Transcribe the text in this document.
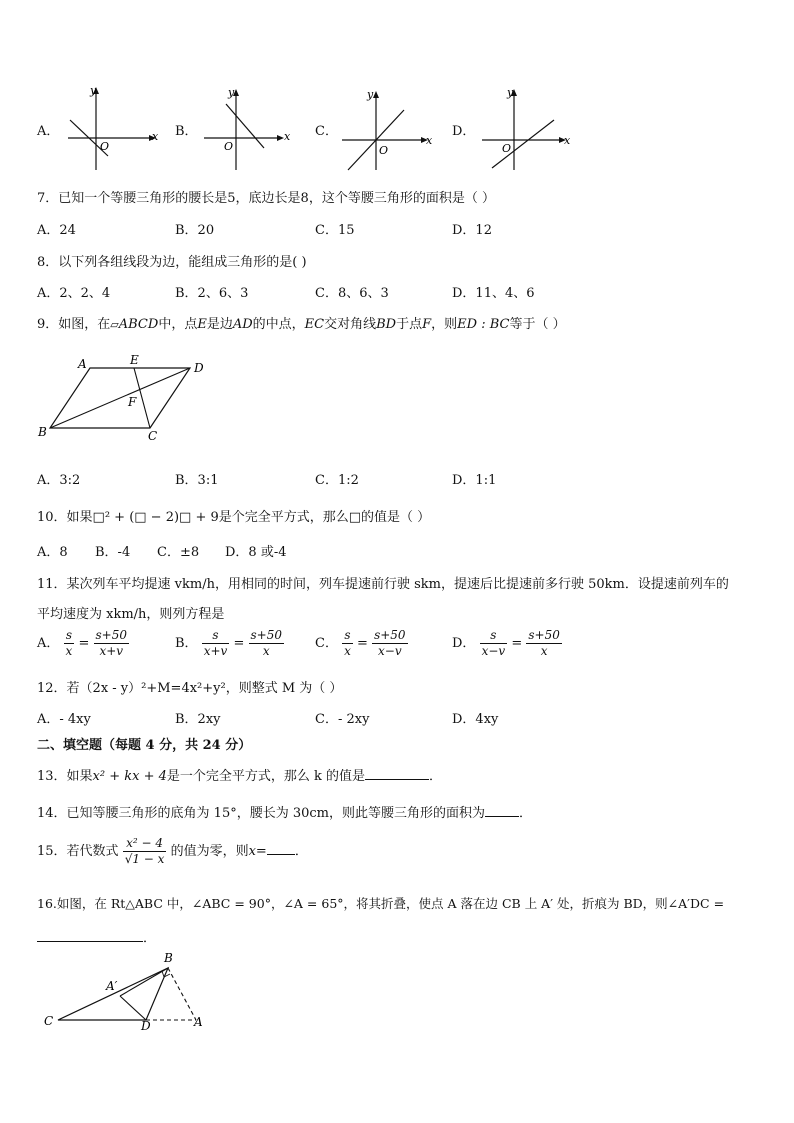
A．
y
x
O
B．
y
x
O
C．
y
x
O
D．
y
x
O
7．已知一个等腰三角形的腰长是5，底边长是8，这个等腰三角形的面积是（ ）
A．24	B．20	C．15	D．12
8．以下列各组线段为边，能组成三角形的是( )
A．2、2、4	B．2、6、3	C．8、6、3	D．11、4、6
9．如图，在▱ABCD中，点E是边AD的中点，EC交对角线BD于点F，则ED : BC等于（ ）
A	E
D
F
B	C
A．3:2	B．3:1	C．1:2	D．1:1
10．如果□² + (□ − 2)□ + 9是个完全平方式，那么□的值是（ ）
A．8 B．-4 C．±8 D．8 或-4
11．某次列车平均提速 vkm/h，用相同的时间，列车提速前行驶 skm，提速后比提速前多行驶 50km．设提速前列车的
平均速度为 xkm/h，则列方程是
A． $\frac{s}{x} = \frac{s+50}{x+v}$	B． $\frac{s}{x+v} = \frac{s+50}{x}$ C． $\frac{s}{x} = \frac{s+50}{x-v}$	D． $\frac{s}{x-v} = \frac{s+50}{x}$
12．若（2x - y）²+M=4x²+y²，则整式 M 为（ ）
A．- 4xy	B．2xy	C．- 2xy	D．4xy
二、填空题（每题 4 分，共 24 分）
13．如果x² + kx + 4是一个完全平方式，那么 k 的值是	．
14．已知等腰三角形的底角为 15°，腰长为 30cm，则此等腰三角形的面积为	．
15．若代数式 $\frac{\text{x² − 4}}{√1 - x}$ 的值为零，则x= ．
16.如图，在 Rt△ABC 中，∠ABC = 90°，∠A = 65°，将其折叠，使点 A 落在边 CB 上 A′ 处，折痕为 BD，则∠A′DC =
．
B
A′
C	D	A
